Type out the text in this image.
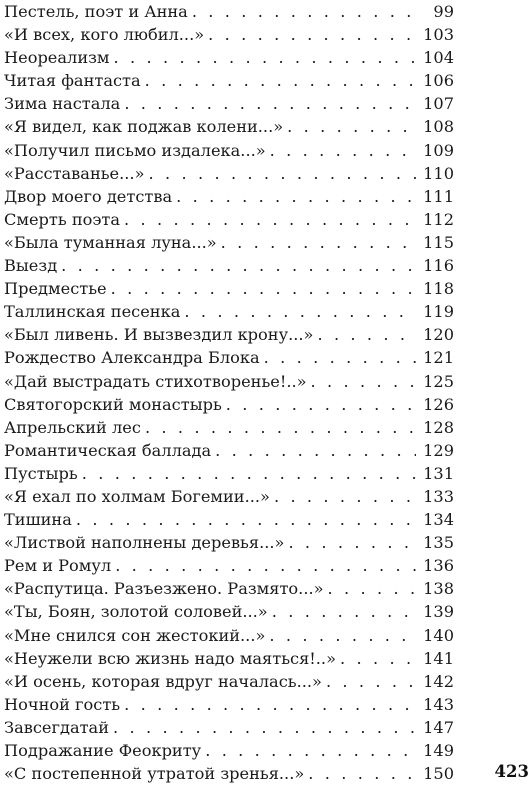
Пестель, поэт и Анна . . .	99
«И всех, кого любил...» . . .	103
Неореализм . . .	104
Читая фантаста . . .	106
Зима настала . . .	107
«Я видел, как поджав колени...» . . .	108
«Получил письмо издалека...» . . .	109
«Расставанье...» . . .	110
Двор моего детства . . .	111
Смерть поэта . . .	112
«Была туманная луна...» . . .	115
Выезд . . .	116
Предместье . . .	118
Таллинская песенка . . .	119
«Был ливень. И вызвездил крону...» . . .	120
Рождество Александра Блока . . .	121
«Дай выстрадать стихотворенье!..» . . .	125
Святогорский монастырь . . .	126
Апрельский лес . . .	128
Романтическая баллада . . .	129
Пустырь . . .	131
«Я ехал по холмам Богемии...» . . .	133
Тишина . . .	134
«Листвой наполнены деревья...» . . .	135
Рем и Ромул . . .	136
«Распутица. Разъезжено. Размято...» . . .	138
«Ты, Боян, золотой соловей...» . . .	139
«Мне снился сон жестокий...» . . .	140
«Неужели всю жизнь надо маяться!..» . . .	141
«И осень, которая вдруг началась...» . . .	142
Ночной гость . . .	143
Завсегдатай . . .	147
Подражание Феокриту . . .	149
«С постепенной утратой зренья...» . . .	150	423
